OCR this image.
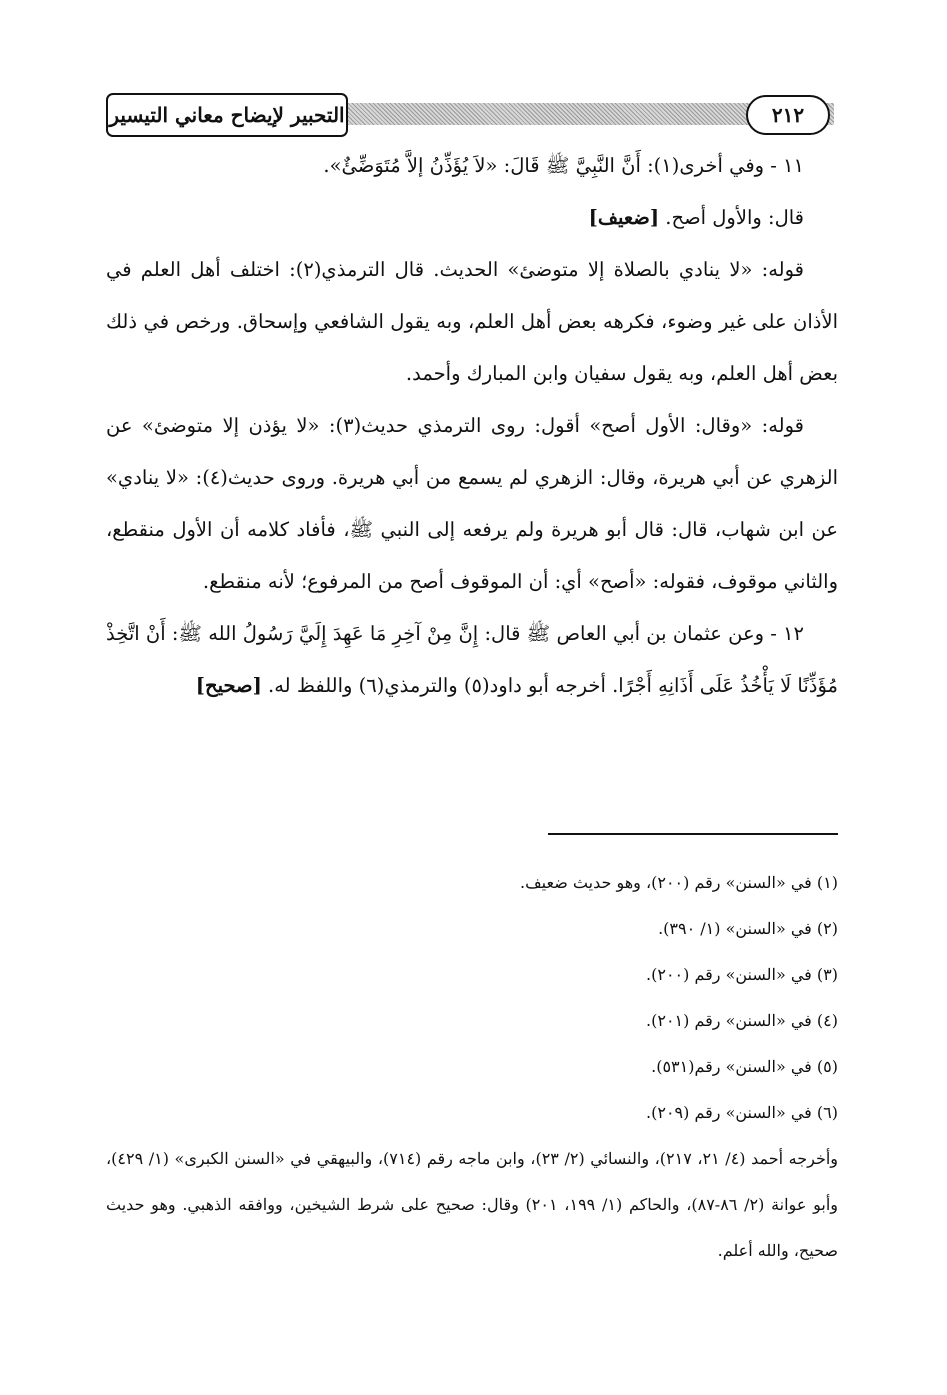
التحبير لإيضاح معاني التيسير	٢١٢

١١ - وفي أخرى(١): أَنَّ النَّبِيَّ ﷺ قَالَ: «لاَ يُؤَذِّنُ إلاَّ مُتَوَضِّئٌ».

قال: والأول أصح. [ضعيف]

قوله: «لا ينادي بالصلاة إلا متوضئ» الحديث. قال الترمذي(٢): اختلف أهل العلم في الأذان على غير وضوء، فكرهه بعض أهل العلم، وبه يقول الشافعي وإسحاق. ورخص في ذلك بعض أهل العلم، وبه يقول سفيان وابن المبارك وأحمد.

قوله: «وقال: الأول أصح» أقول: روى الترمذي حديث(٣): «لا يؤذن إلا متوضئ» عن الزهري عن أبي هريرة، وقال: الزهري لم يسمع من أبي هريرة. وروى حديث(٤): «لا ينادي» عن ابن شهاب، قال: قال أبو هريرة ولم يرفعه إلى النبي ﷺ، فأفاد كلامه أن الأول منقطع، والثاني موقوف، فقوله: «أصح» أي: أن الموقوف أصح من المرفوع؛ لأنه منقطع.

١٢ - وعن عثمان بن أبي العاص ﷺ قال: إِنَّ مِنْ آخِرِ مَا عَهِدَ إِلَيَّ رَسُولُ الله ﷺ: أَنْ اتَّخِذْ مُؤَذِّنًا لَا يَأْخُذُ عَلَى أَذَانِهِ أَجْرًا. أخرجه أبو داود(٥) والترمذي(٦) واللفظ له. [صحيح]

(١) في «السنن» رقم (٢٠٠)، وهو حديث ضعيف.

(٢) في «السنن» (١/ ٣٩٠).

(٣) في «السنن» رقم (٢٠٠).

(٤) في «السنن» رقم (٢٠١).

(٥) في «السنن» رقم(٥٣١).

(٦) في «السنن» رقم (٢٠٩).

وأخرجه أحمد (٤/ ٢١، ٢١٧)، والنسائي (٢/ ٢٣)، وابن ماجه رقم (٧١٤)، والبيهقي في «السنن الكبرى» (١/ ٤٢٩)، وأبو عوانة (٢/ ٨٦-٨٧)، والحاكم (١/ ١٩٩، ٢٠١) وقال: صحيح على شرط الشيخين، ووافقه الذهبي. وهو حديث صحيح، والله أعلم.
